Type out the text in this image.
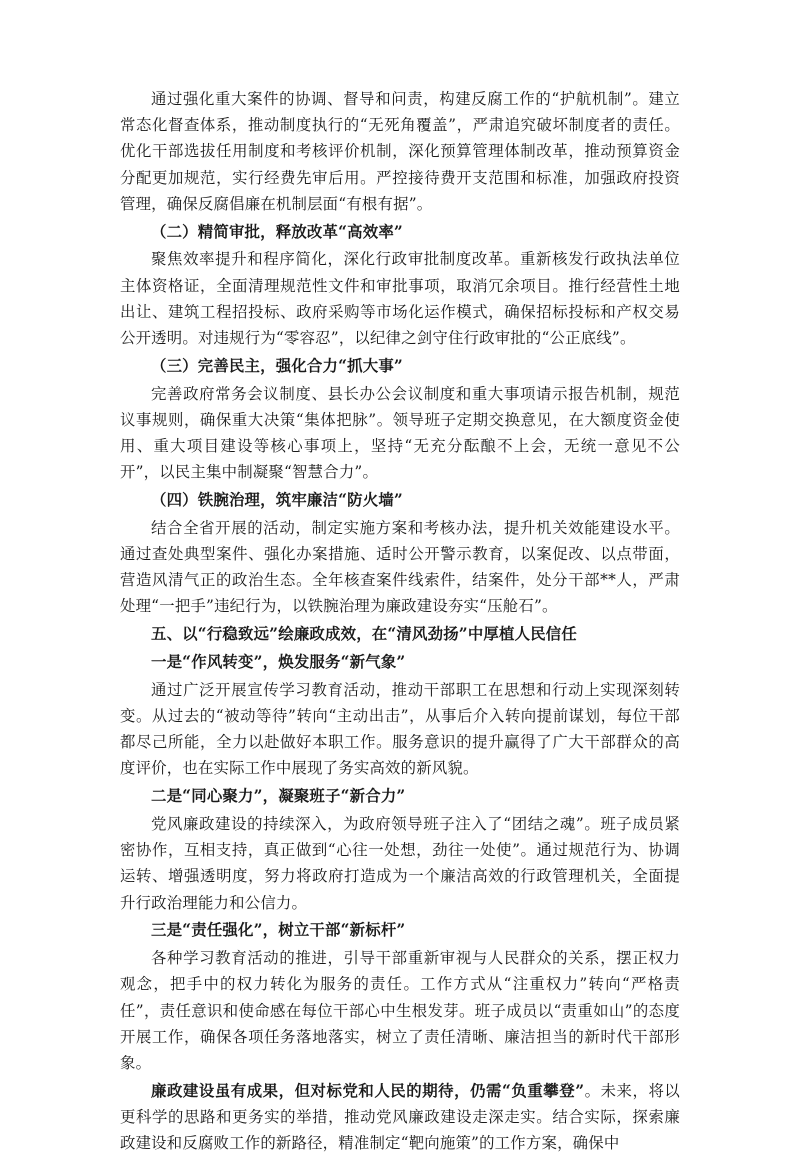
通过强化重大案件的协调、督导和问责，构建反腐工作的“护航机制”。建立常态化督查体系，推动制度执行的“无死角覆盖”，严肃追究破坏制度者的责任。优化干部选拔任用制度和考核评价机制，深化预算管理体制改革，推动预算资金分配更加规范，实行经费先审后用。严控接待费开支范围和标准，加强政府投资管理，确保反腐倡廉在机制层面“有根有据”。

（二）精简审批，释放改革“高效率”

聚焦效率提升和程序简化，深化行政审批制度改革。重新核发行政执法单位主体资格证，全面清理规范性文件和审批事项，取消冗余项目。推行经营性土地出让、建筑工程招投标、政府采购等市场化运作模式，确保招标投标和产权交易公开透明。对违规行为“零容忍”，以纪律之剑守住行政审批的“公正底线”。

（三）完善民主，强化合力“抓大事”

完善政府常务会议制度、县长办公会议制度和重大事项请示报告机制，规范议事规则，确保重大决策“集体把脉”。领导班子定期交换意见，在大额度资金使用、重大项目建设等核心事项上，坚持“无充分酝酿不上会，无统一意见不公开”，以民主集中制凝聚“智慧合力”。

（四）铁腕治理，筑牢廉洁“防火墙”

结合全省开展的活动，制定实施方案和考核办法，提升机关效能建设水平。通过查处典型案件、强化办案措施、适时公开警示教育，以案促改、以点带面，营造风清气正的政治生态。全年核查案件线索件，结案件，处分干部**人，严肃处理“一把手”违纪行为，以铁腕治理为廉政建设夯实“压舱石”。

五、以“行稳致远”绘廉政成效，在“清风劲扬”中厚植人民信任

一是“作风转变”，焕发服务“新气象”

通过广泛开展宣传学习教育活动，推动干部职工在思想和行动上实现深刻转变。从过去的“被动等待”转向“主动出击”，从事后介入转向提前谋划，每位干部都尽己所能，全力以赴做好本职工作。服务意识的提升赢得了广大干部群众的高度评价，也在实际工作中展现了务实高效的新风貌。

二是“同心聚力”，凝聚班子“新合力”

党风廉政建设的持续深入，为政府领导班子注入了“团结之魂”。班子成员紧密协作，互相支持，真正做到“心往一处想，劲往一处使”。通过规范行为、协调运转、增强透明度，努力将政府打造成为一个廉洁高效的行政管理机关，全面提升行政治理能力和公信力。

三是“责任强化”，树立干部“新标杆”

各种学习教育活动的推进，引导干部重新审视与人民群众的关系，摆正权力观念，把手中的权力转化为服务的责任。工作方式从“注重权力”转向“严格责任”，责任意识和使命感在每位干部心中生根发芽。班子成员以“责重如山”的态度开展工作，确保各项任务落地落实，树立了责任清晰、廉洁担当的新时代干部形象。

廉政建设虽有成果，但对标党和人民的期待，仍需“负重攀登”。未来，将以更科学的思路和更务实的举措，推动党风廉政建设走深走实。结合实际，探索廉政建设和反腐败工作的新路径，精准制定“靶向施策”的工作方案，确保中
